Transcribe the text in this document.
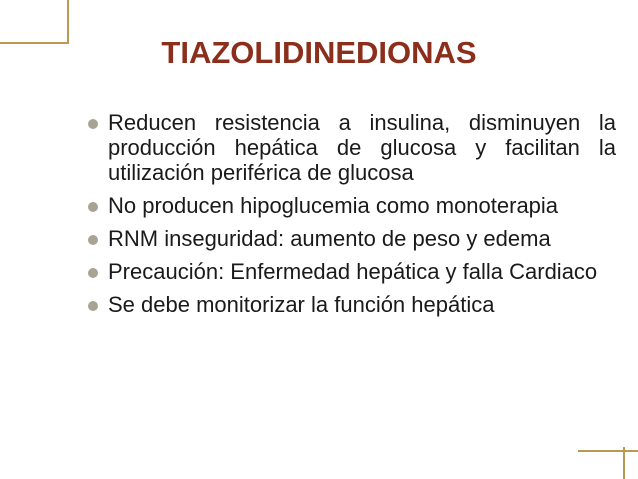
TIAZOLIDINEDIONAS
Reducen resistencia a insulina, disminuyen la producción hepática de glucosa y facilitan la utilización periférica de glucosa
No producen hipoglucemia como monoterapia
RNM inseguridad: aumento de peso y edema
Precaución: Enfermedad hepática y falla Cardiaco
Se debe monitorizar la función hepática
